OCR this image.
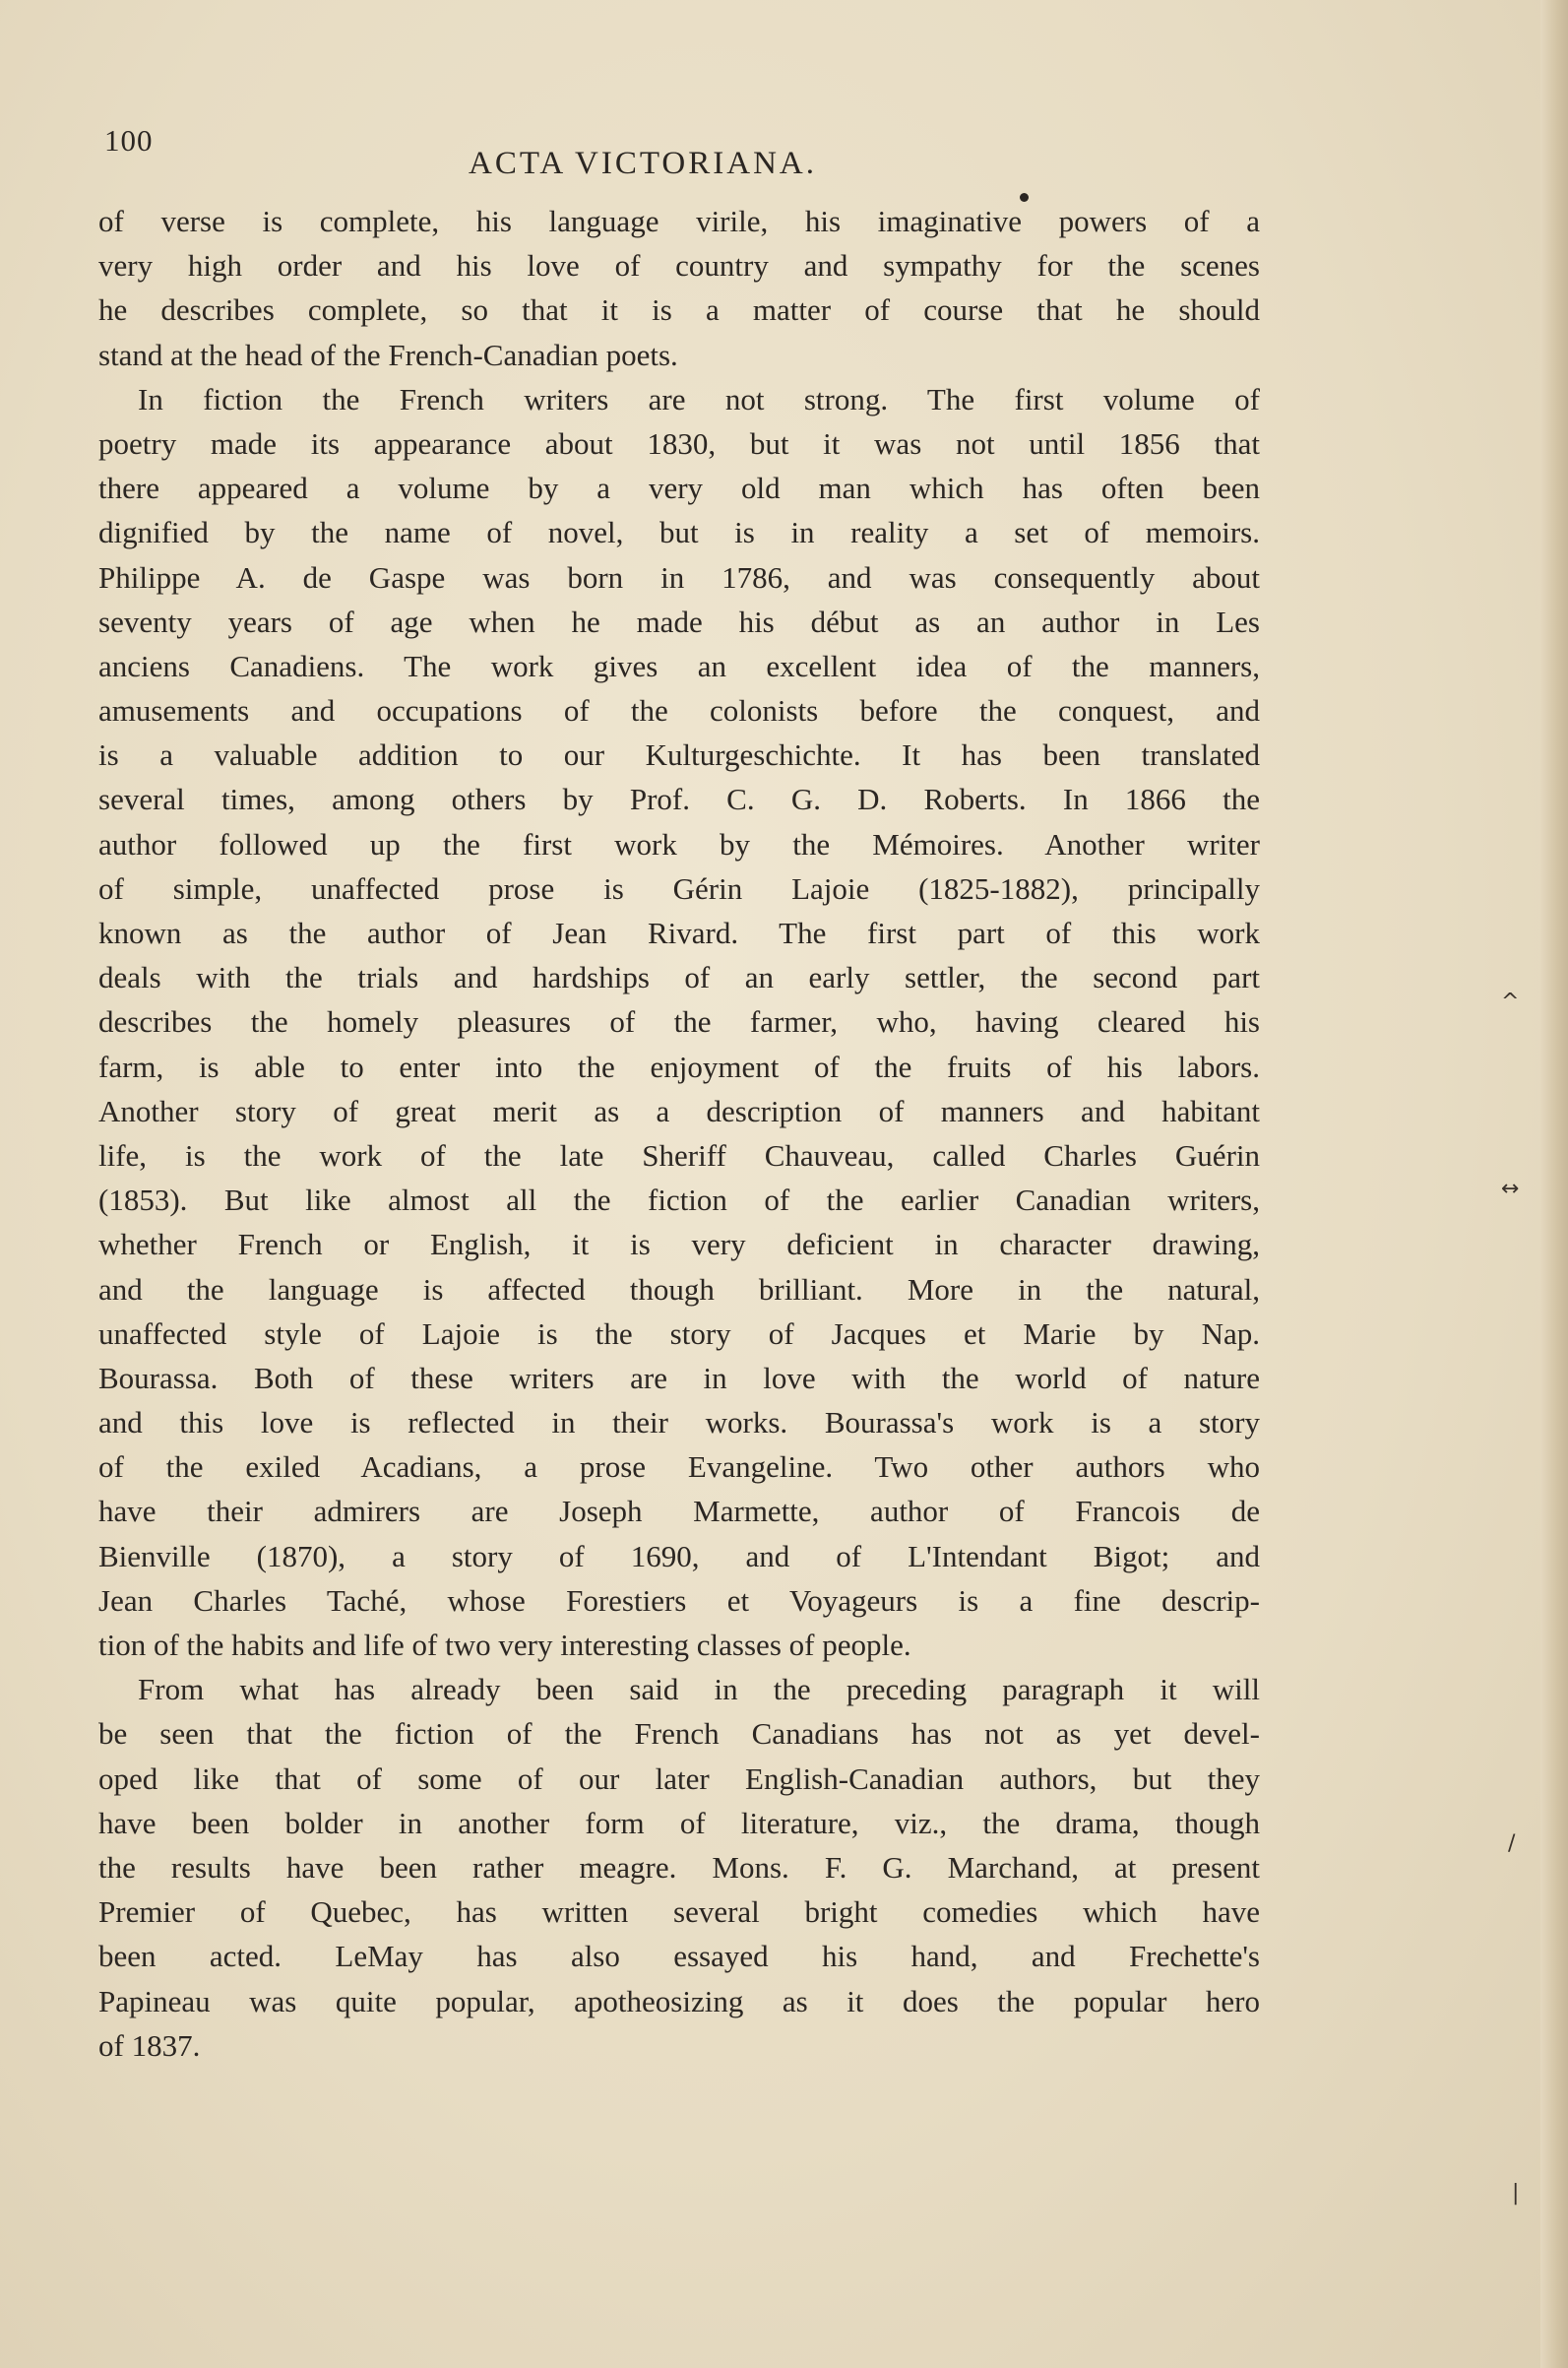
100
ACTA VICTORIANA.
of verse is complete, his language virile, his imaginative powers of a
very high order and his love of country and sympathy for the scenes
he describes complete, so that it is a matter of course that he should
stand at the head of the French-Canadian poets.
In fiction the French writers are not strong. The first volume of
poetry made its appearance about 1830, but it was not until 1856 that
there appeared a volume by a very old man which has often been
dignified by the name of novel, but is in reality a set of memoirs.
Philippe A. de Gaspe was born in 1786, and was consequently about
seventy years of age when he made his début as an author in Les
anciens Canadiens. The work gives an excellent idea of the manners,
amusements and occupations of the colonists before the conquest, and
is a valuable addition to our Kulturgeschichte. It has been translated
several times, among others by Prof. C. G. D. Roberts. In 1866 the
author followed up the first work by the Mémoires. Another writer
of simple, unaffected prose is Gérin Lajoie (1825-1882), principally
known as the author of Jean Rivard. The first part of this work
deals with the trials and hardships of an early settler, the second part
describes the homely pleasures of the farmer, who, having cleared his
farm, is able to enter into the enjoyment of the fruits of his labors.
Another story of great merit as a description of manners and habitant
life, is the work of the late Sheriff Chauveau, called Charles Guérin
(1853). But like almost all the fiction of the earlier Canadian writers,
whether French or English, it is very deficient in character drawing,
and the language is affected though brilliant. More in the natural,
unaffected style of Lajoie is the story of Jacques et Marie by Nap.
Bourassa. Both of these writers are in love with the world of nature
and this love is reflected in their works. Bourassa's work is a story
of the exiled Acadians, a prose Evangeline. Two other authors who
have their admirers are Joseph Marmette, author of Francois de
Bienville (1870), a story of 1690, and of L'Intendant Bigot; and
Jean Charles Taché, whose Forestiers et Voyageurs is a fine descrip-
tion of the habits and life of two very interesting classes of people.
From what has already been said in the preceding paragraph it will
be seen that the fiction of the French Canadians has not as yet devel-
oped like that of some of our later English-Canadian authors, but they
have been bolder in another form of literature, viz., the drama, though
the results have been rather meagre. Mons. F. G. Marchand, at present
Premier of Quebec, has written several bright comedies which have
been acted. LeMay has also essayed his hand, and Frechette's
Papineau was quite popular, apotheosizing as it does the popular hero
of 1837.
^
↔
/
|
